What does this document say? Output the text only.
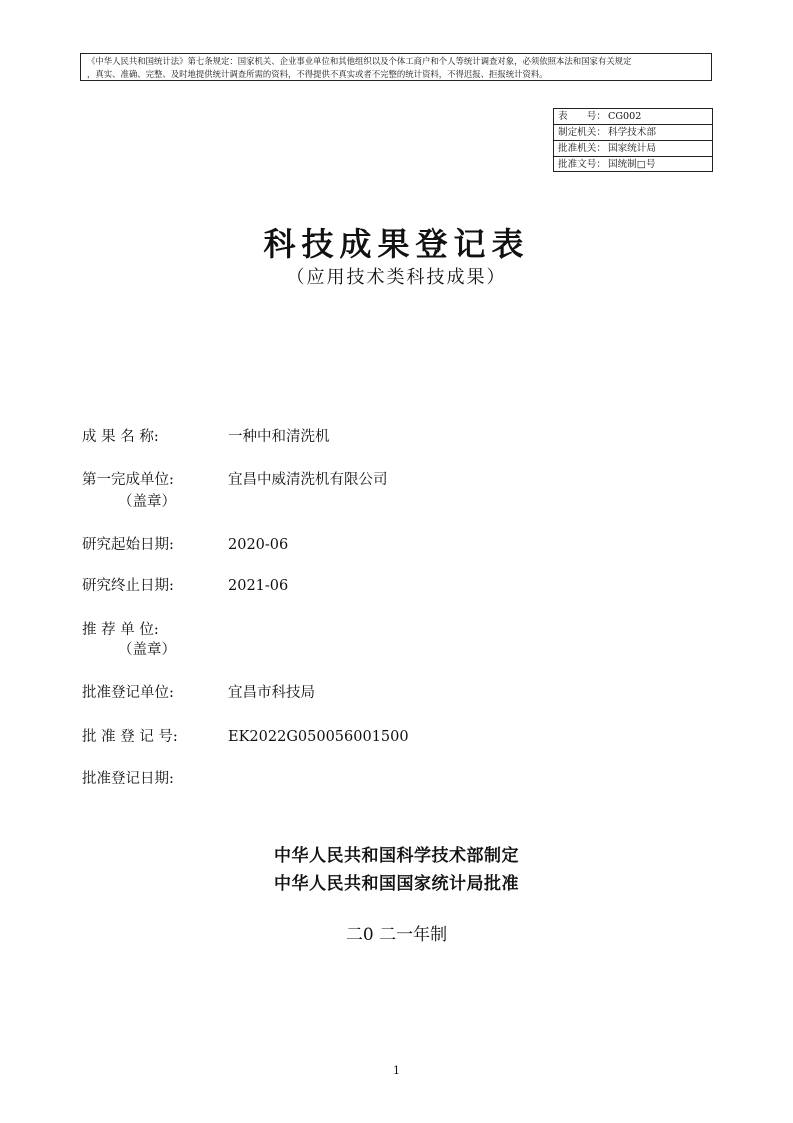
《中华人民共和国统计法》第七条规定：国家机关、企业事业单位和其他组织以及个体工商户和个人等统计调查对象，必须依照本法和国家有关规定
，真实、准确、完整、及时地提供统计调查所需的资料，不得提供不真实或者不完整的统计资料，不得迟报、拒报统计资料。
表　　号： CG002
制定机关： 科学技术部
批准机关： 国家统计局
批准文号： 国统制□号
科技成果登记表
（应用技术类科技成果）
成 果 名 称:	一种中和清洗机
第一完成单位:	宜昌中威清洗机有限公司
（盖章）
研究起始日期:	2020-06
研究终止日期:	2021-06
推 荐 单 位:
（盖章）
批准登记单位:	宜昌市科技局
批 准 登 记 号:	EK2022G050056001500
批准登记日期:
中华人民共和国科学技术部制定
中华人民共和国国家统计局批准
二0 二一年制
1
